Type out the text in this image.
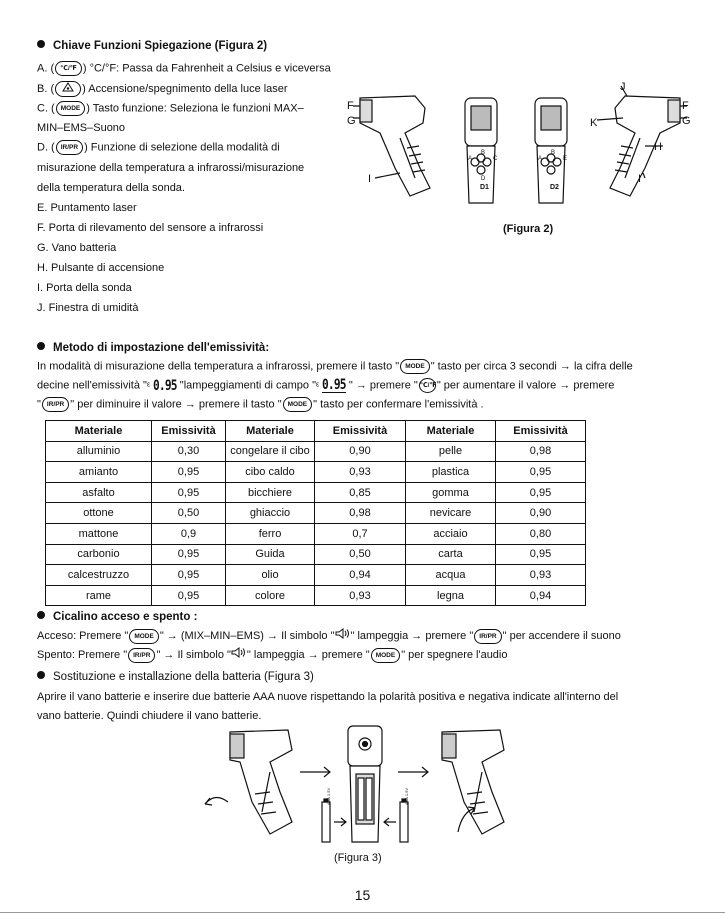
Chiave Funzioni Spiegazione (Figura 2)
A. ( ℃/℉ ) °C/°F: Passa da Fahrenheit a Celsius e viceversa
B. (	) Accensione/spegnimento della luce laser
C. ( MODE ) Tasto funzione: Seleziona le funzioni MAX–
MIN–EMS–Suono
D. ( IR/PR ) Funzione di selezione della modalità di
misurazione della temperatura a infrarossi/misurazione
della temperatura della sonda.
E. Puntamento laser
F. Porta di rilevamento del sensore a infrarossi
G. Vano batteria
H. Pulsante di accensione
I. Porta della sonda
J. Finestra di umidità
F
G
I
J
K
H
F
G
I
A
B
C
D
A
B
E
D1	D2
(Figura 2)
Metodo di impostazione dell'emissività:
In modalità di misurazione della temperatura a infrarossi, premere il tasto " MODE " tasto per circa 3 secondi → la cifra delle
decine nell'emissività "ε 0.95 "lampeggiamenti di campo "ε 0.95 " → premere " ℃/℉" per aumentare il valore → premere
" IR/PR " per diminuire il valore → premere il tasto " MODE " tasto per confermare l'emissività .
Materiale	Emissività	Materiale	Emissività	Materiale	Emissività
alluminio	0,30	congelare il cibo	0,90	pelle	0,98
amianto	0,95	cibo caldo	0,93	plastica	0,95
asfalto	0,95	bicchiere	0,85	gomma	0,95
ottone	0,50	ghiaccio	0,98	nevicare	0,90
mattone	0,9	ferro	0,7	acciaio	0,80
carbonio	0,95	Guida	0,50	carta	0,95
calcestruzzo	0,95	olio	0,94	acqua	0,93
rame	0,95	colore	0,93	legna	0,94
Cicalino acceso e spento :
Acceso: Premere " MODE " → (MIX–MIN–EMS) → Il simbolo " " lampeggia → premere " IR/PR " per accendere il suono
Spento: Premere " IR/PR " → Il simbolo " " lampeggia → premere " MODE " per spegnere l'audio
Sostituzione e installazione della batteria (Figura 3)
Aprire il vano batterie e inserire due batterie AAA nuove rispettando la polarità positiva e negativa indicate all'interno del
vano batterie. Quindi chiudere il vano batterie.
AAA 1.5V	AAA 1.5V
(Figura 3)
15
